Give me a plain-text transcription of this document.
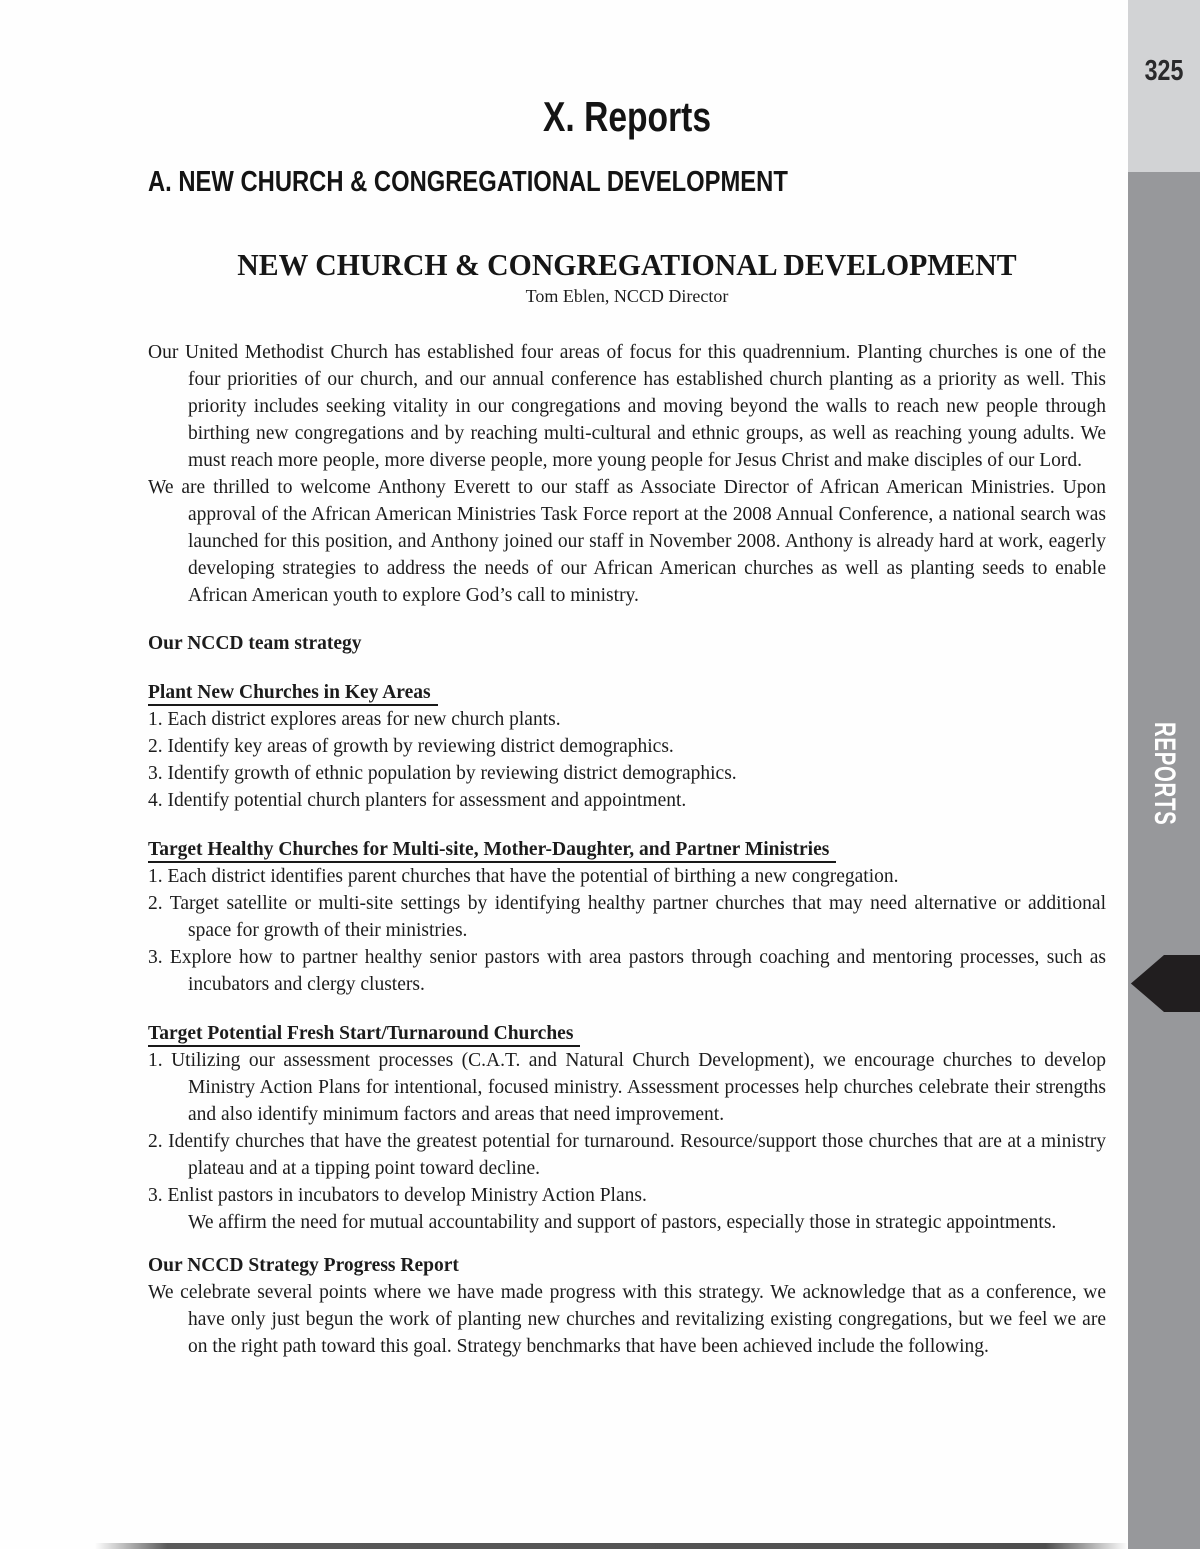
325
REPORTS
X. Reports
A. NEW CHURCH & CONGREGATIONAL DEVELOPMENT
NEW CHURCH & CONGREGATIONAL DEVELOPMENT
Tom Eblen, NCCD Director

Our United Methodist Church has established four areas of focus for this quadrennium. Planting churches is one of the four priorities of our church, and our annual conference has established church planting as a priority as well. This priority includes seeking vitality in our congregations and moving beyond the walls to reach new people through birthing new congregations and by reaching multi-cultural and ethnic groups, as well as reaching young adults. We must reach more people, more diverse people, more young people for Jesus Christ and make disciples of our Lord.

We are thrilled to welcome Anthony Everett to our staff as Associate Director of African American Ministries. Upon approval of the African American Ministries Task Force report at the 2008 Annual Conference, a national search was launched for this position, and Anthony joined our staff in November 2008. Anthony is already hard at work, eagerly developing strategies to address the needs of our African American churches as well as planting seeds to enable African American youth to explore God’s call to ministry.

Our NCCD team strategy

Plant New Churches in Key Areas

1. Each district explores areas for new church plants.

2. Identify key areas of growth by reviewing district demographics.

3. Identify growth of ethnic population by reviewing district demographics.

4. Identify potential church planters for assessment and appointment.

Target Healthy Churches for Multi-site, Mother-Daughter, and Partner Ministries

1. Each district identifies parent churches that have the potential of birthing a new congregation.

2. Target satellite or multi-site settings by identifying healthy partner churches that may need alternative or additional space for growth of their ministries.

3. Explore how to partner healthy senior pastors with area pastors through coaching and mentoring processes, such as incubators and clergy clusters.

Target Potential Fresh Start/Turnaround Churches

1. Utilizing our assessment processes (C.A.T. and Natural Church Development), we encourage churches to develop Ministry Action Plans for intentional, focused ministry. Assessment processes help churches celebrate their strengths and also identify minimum factors and areas that need improvement.

2. Identify churches that have the greatest potential for turnaround. Resource/support those churches that are at a ministry plateau and at a tipping point toward decline.

3. Enlist pastors in incubators to develop Ministry Action Plans.

We affirm the need for mutual accountability and support of pastors, especially those in strategic appointments.

Our NCCD Strategy Progress Report

We celebrate several points where we have made progress with this strategy. We acknowledge that as a conference, we have only just begun the work of planting new churches and revitalizing existing congregations, but we feel we are on the right path toward this goal. Strategy benchmarks that have been achieved include the following.
